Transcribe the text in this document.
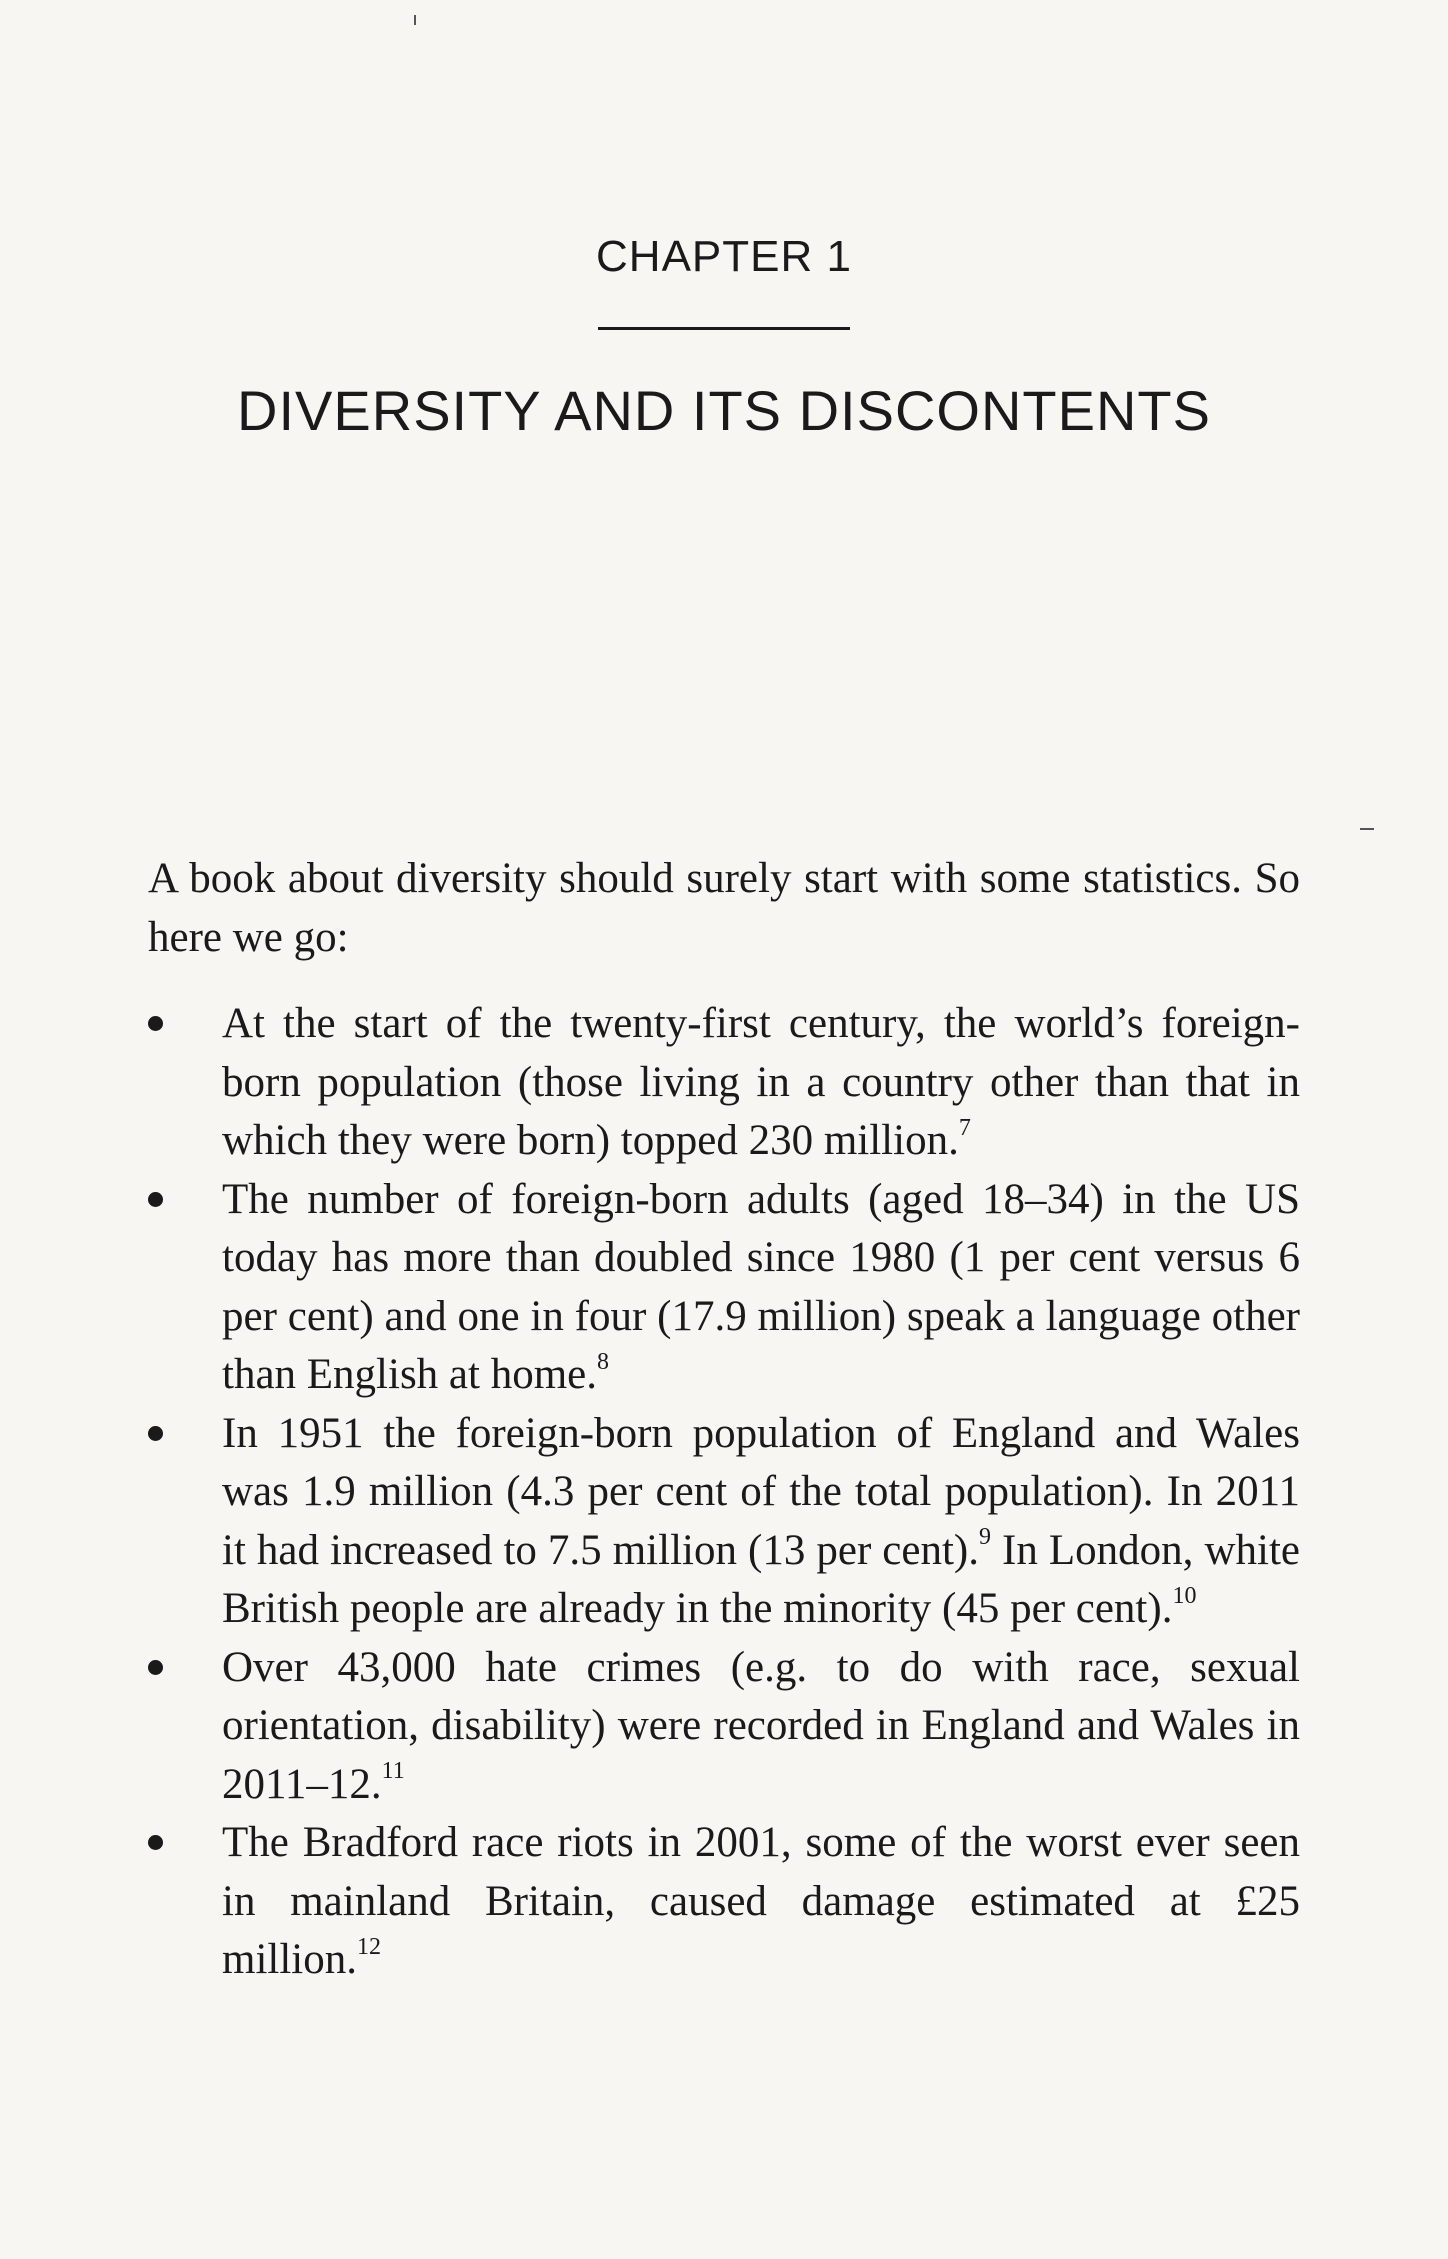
CHAPTER 1
DIVERSITY AND ITS DISCONTENTS

A book about diversity should surely start with some statistics. So here we go:

At the start of the twenty-first century, the world’s foreign-born population (those living in a country other than that in which they were born) topped 230 million.$^7$
The number of foreign-born adults (aged 18–34) in the US today has more than doubled since 1980 (1 per cent versus 6 per cent) and one in four (17.9 million) speak a language other than English at home.$^8$
In 1951 the foreign-born population of England and Wales was 1.9 million (4.3 per cent of the total population). In 2011 it had increased to 7.5 million (13 per cent).$^9$ In London, white British people are already in the minority (45 per cent).$^{10}$
Over 43,000 hate crimes (e.g. to do with race, sexual orientation, disability) were recorded in England and Wales in 2011–12.11
The Bradford race riots in 2001, some of the worst ever seen in mainland Britain, caused damage estimated at £25 million.$^{12}$
